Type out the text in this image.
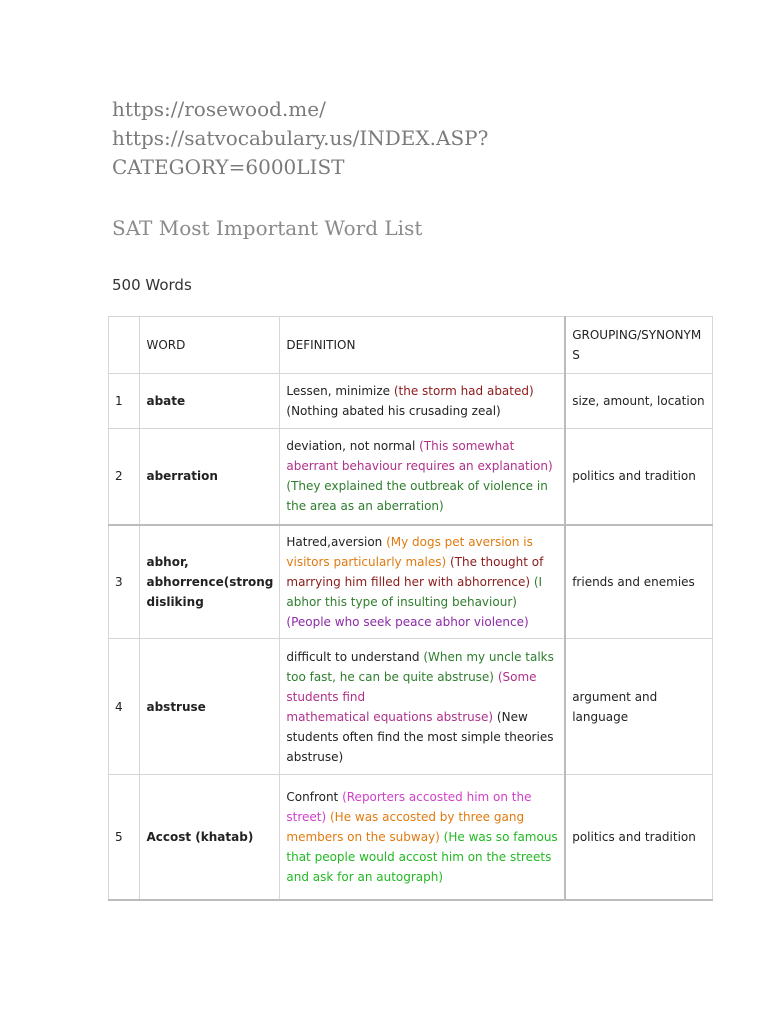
https://rosewood.me/
https://satvocabulary.us/INDEX.ASP?
CATEGORY=6000LIST
SAT Most Important Word List
500 Words
	WORD	DEFINITION	GROUPING/SYNONYM
S
1	abate	Lessen, minimize (the storm had abated) (Nothing abated his crusading zeal)	size, amount, location
2	aberration	deviation, not normal (This somewhat aberrant behaviour requires an explanation) (They explained the outbreak of violence in the area as an aberration)	politics and tradition
3	abhor, abhorrence(strong disliking	Hatred,aversion (My dogs pet aversion is visitors particularly males) (The thought of marrying him filled her with abhorrence) (I abhor this type of insulting behaviour) (People who seek peace abhor violence)	friends and enemies
4	abstruse	difficult to understand (When my uncle talks too fast, he can be quite abstruse) (Some students find
mathematical equations abstruse) (New students often find the most simple theories abstruse)	argument and language
5	Accost (khatab)	Confront (Reporters accosted him on the street) (He was accosted by three gang members on the subway) (He was so famous that people would accost him on the streets and ask for an autograph)	politics and tradition
